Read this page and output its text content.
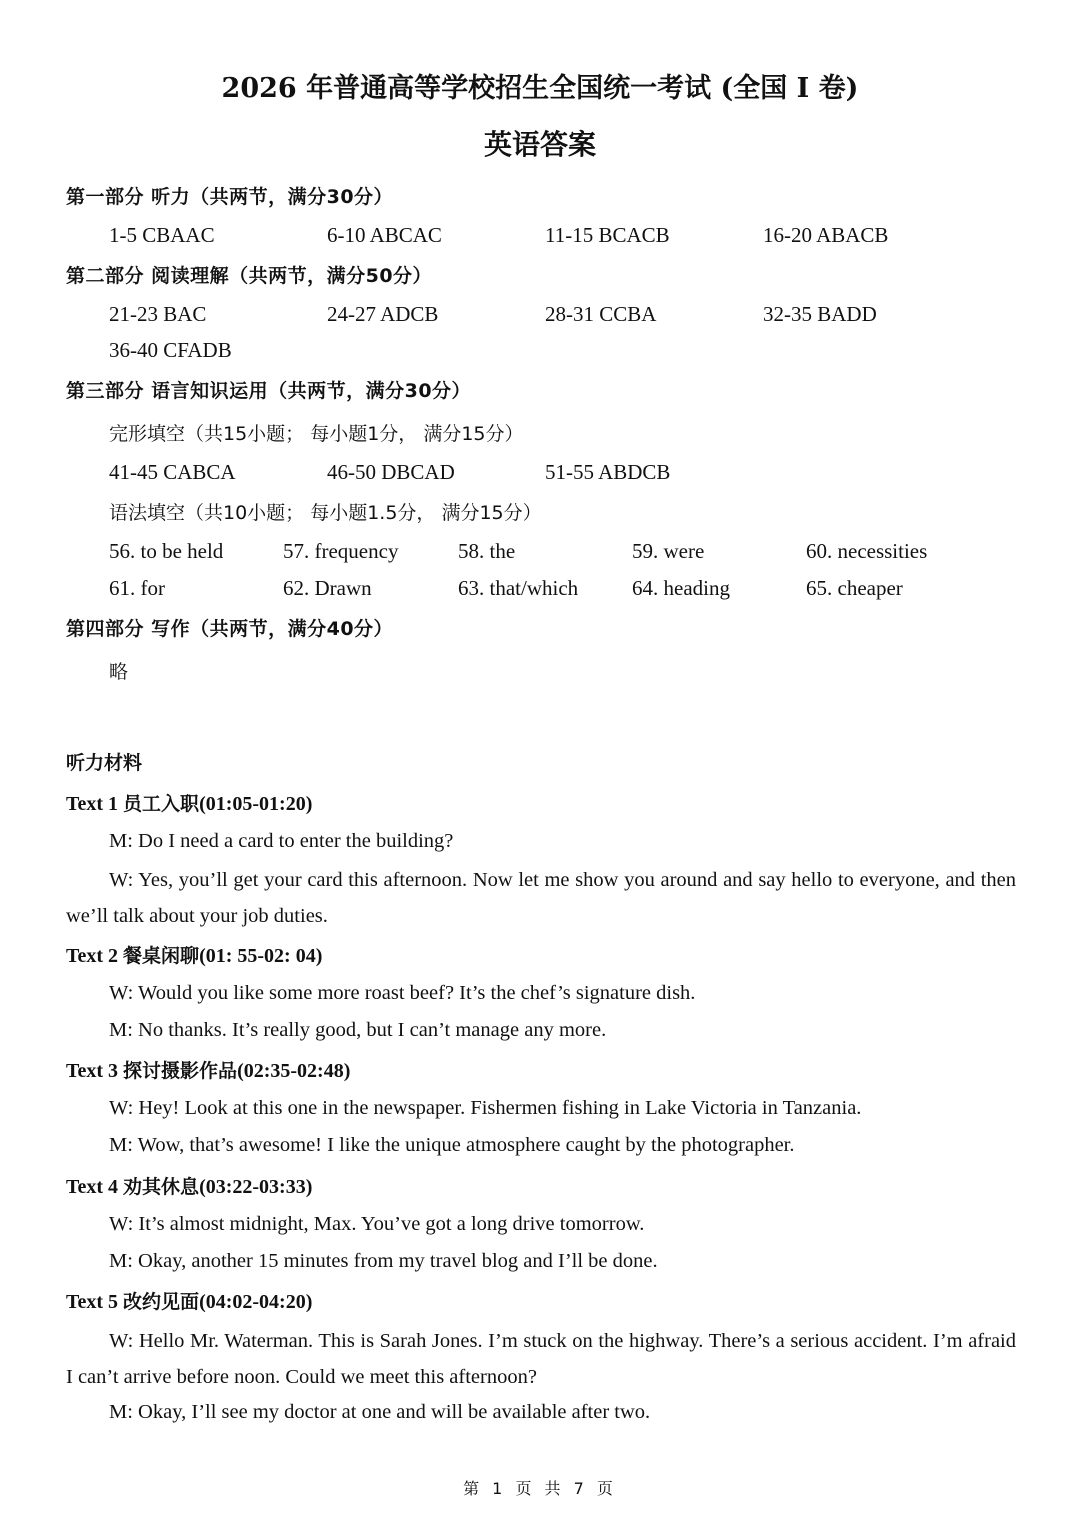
2026 年普通高等学校招生全国统一考试 (全国 I 卷)
英语答案
第一部分 听力（共两节，满分30分）
1-5 CBAAC	6-10 ABCAC	11-15 BCACB	16-20 ABACB
第二部分 阅读理解（共两节，满分50分）
21-23 BAC	24-27 ADCB	28-31 CCBA	32-35 BADD
36-40 CFADB
第三部分 语言知识运用（共两节，满分30分）
完形填空（共15小题； 每小题1分， 满分15分）
41-45 CABCA	46-50 DBCAD	51-55 ABDCB
语法填空（共10小题； 每小题1.5分， 满分15分）
56. to be held	57. frequency	58. the	59. were	60. necessities
61. for	62. Drawn	63. that/which	64. heading	65. cheaper
第四部分 写作（共两节，满分40分）
略
听力材料
Text 1 员工入职(01:05-01:20)
M: Do I need a card to enter the building?
W: Yes, you’ll get your card this afternoon. Now let me show you around and say hello to everyone, and then we’ll talk about your job duties.
Text 2 餐桌闲聊(01: 55-02: 04)
W: Would you like some more roast beef? It’s the chef’s signature dish.
M: No thanks. It’s really good, but I can’t manage any more.
Text 3 探讨摄影作品(02:35-02:48)
W: Hey! Look at this one in the newspaper. Fishermen fishing in Lake Victoria in Tanzania.
M: Wow, that’s awesome! I like the unique atmosphere caught by the photographer.
Text 4 劝其休息(03:22-03:33)
W: It’s almost midnight, Max. You’ve got a long drive tomorrow.
M: Okay, another 15 minutes from my travel blog and I’ll be done.
Text 5 改约见面(04:02-04:20)
W: Hello Mr. Waterman. This is Sarah Jones. I’m stuck on the highway. There’s a serious accident. I’m afraid I can’t arrive before noon. Could we meet this afternoon?
M: Okay, I’ll see my doctor at one and will be available after two.
第 1 页 共 7 页
